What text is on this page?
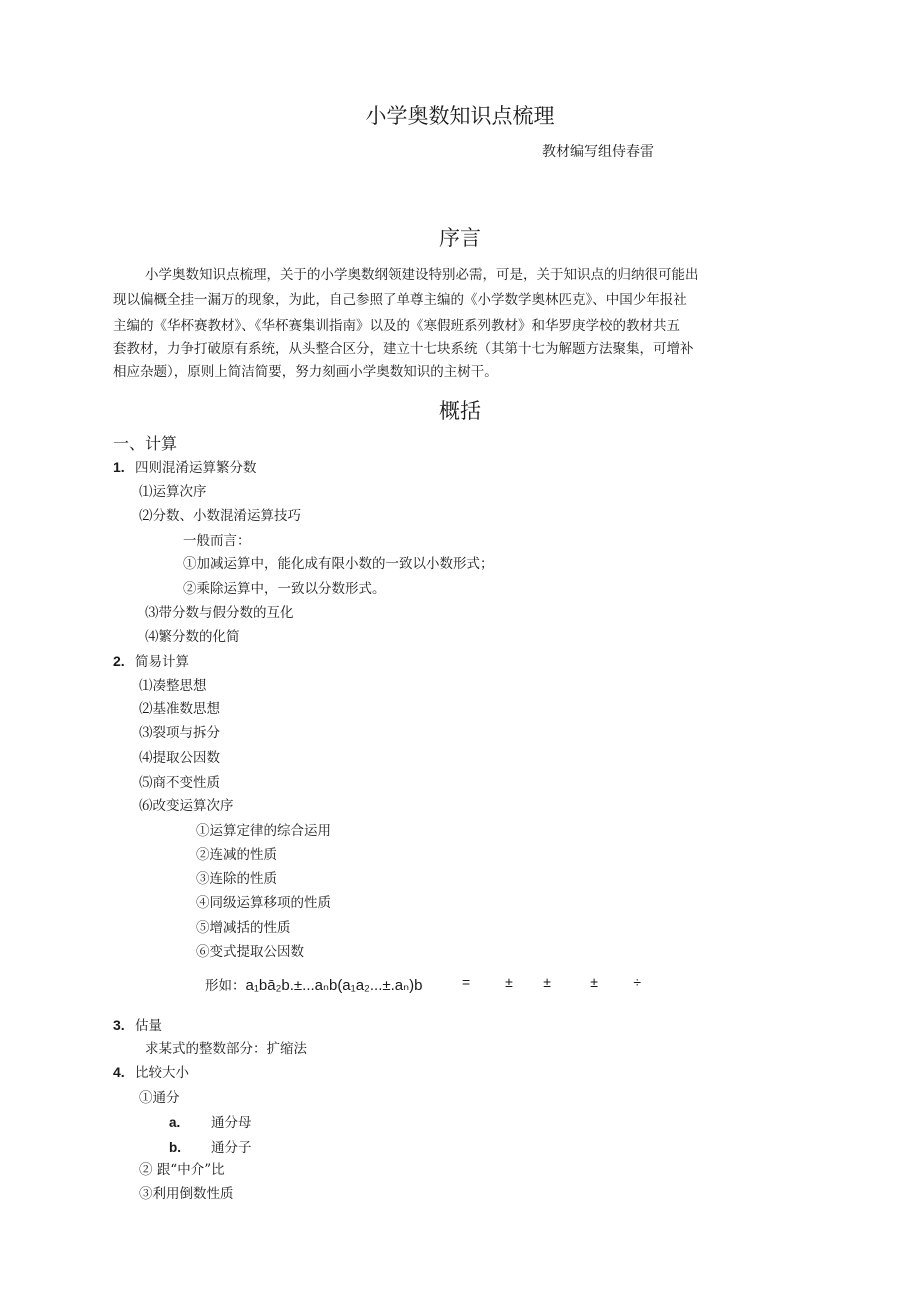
小学奥数知识点梳理
教材编写组侍春雷
序言
小学奥数知识点梳理，关于的小学奥数纲领建设特别必需，可是，关于知识点的归纳很可能出
现以偏概全挂一漏万的现象，为此，自己参照了单尊主编的《小学数学奥林匹克》、中国少年报社
主编的《华杯赛教材》、《华杯赛集训指南》以及的《寒假班系列教材》和华罗庚学校的教材共五
套教材，力争打破原有系统，从头整合区分，建立十七块系统（其第十七为解题方法聚集，可增补
相应杂题），原则上简洁简要，努力刻画小学奥数知识的主树干。
概括
一、计算
1. 四则混淆运算繁分数
⑴运算次序
⑵分数、小数混淆运算技巧
一般而言：
①加减运算中，能化成有限小数的一致以小数形式；
②乘除运算中，一致以分数形式。
⑶带分数与假分数的互化
⑷繁分数的化简
2. 简易计算
⑴凑整思想
⑵基准数思想
⑶裂项与拆分
⑷提取公因数
⑸商不变性质
⑹改变运算次序
①运算定律的综合运用
②连减的性质
③连除的性质
④同级运算移项的性质
⑤增减括的性质
⑥变式提取公因数
形如：a₁bā₂b.±...aₙb(a₁a₂...±.aₙ)b	= ± ±	±	÷
3. 估量
求某式的整数部分：扩缩法
4. 比较大小
①通分
a. 通分母
b. 通分子
② 跟“中介”比
③利用倒数性质
